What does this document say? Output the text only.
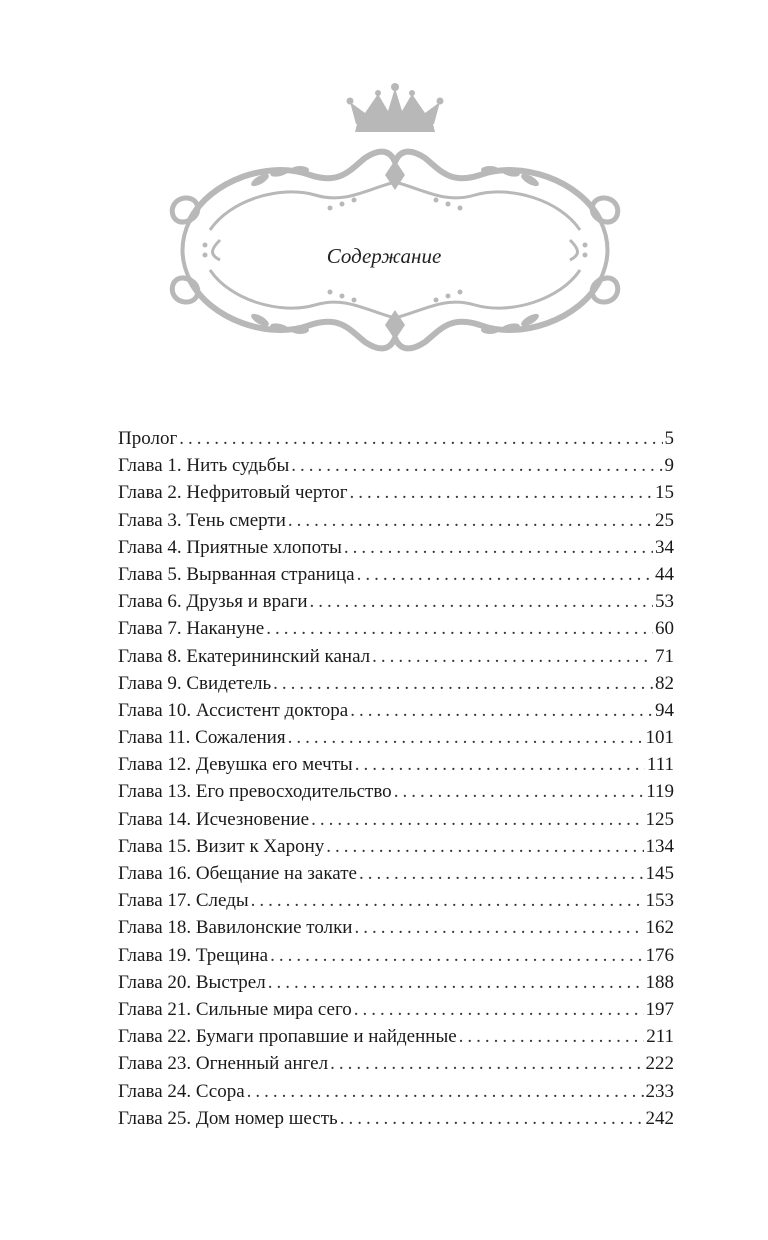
Содержание
Пролог .....	5
Глава 1. Нить судьбы .....	9
Глава 2. Нефритовый чертог .....	15
Глава 3. Тень смерти .....	25
Глава 4. Приятные хлопоты .....	34
Глава 5. Вырванная страница .....	44
Глава 6. Друзья и враги .....	53
Глава 7. Накануне .....	60
Глава 8. Екатерининский канал .....	71
Глава 9. Свидетель .....	82
Глава 10. Ассистент доктора .....	94
Глава 11. Сожаления .....	101
Глава 12. Девушка его мечты .....	111
Глава 13. Его превосходительство .....	119
Глава 14. Исчезновение .....	125
Глава 15. Визит к Харону .....	134
Глава 16. Обещание на закате .....	145
Глава 17. Следы .....	153
Глава 18. Вавилонские толки .....	162
Глава 19. Трещина .....	176
Глава 20. Выстрел .....	188
Глава 21. Сильные мира сего .....	197
Глава 22. Бумаги пропавшие и найденные .....	211
Глава 23. Огненный ангел .....	222
Глава 24. Ссора .....	233
Глава 25. Дом номер шесть .....	242
